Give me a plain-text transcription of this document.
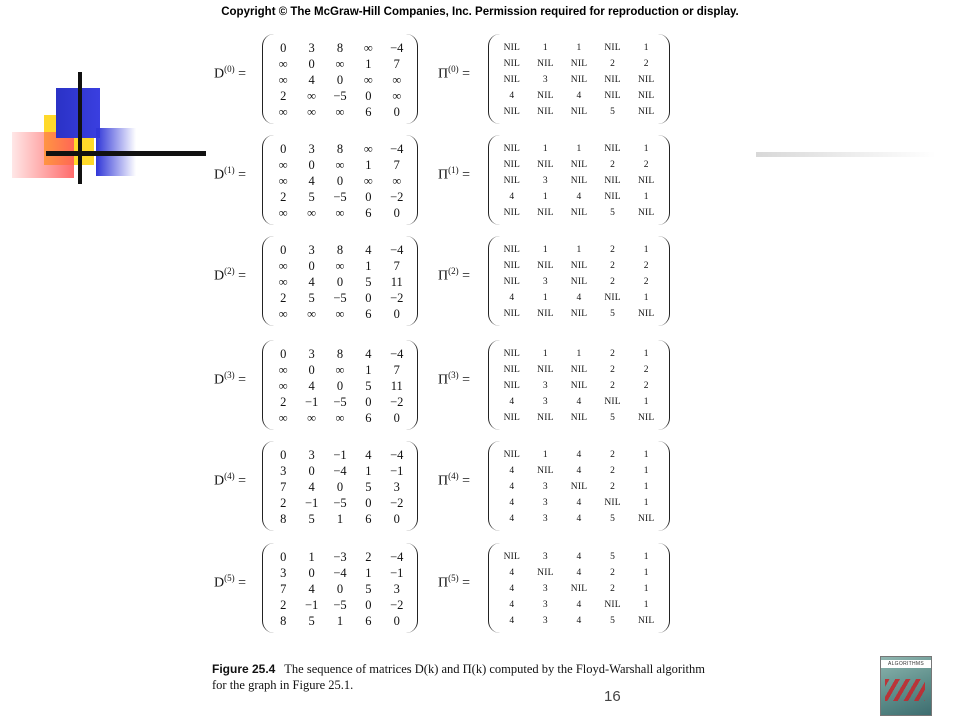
Copyright © The McGraw-Hill Companies, Inc. Permission required for reproduction or display.
$D^{(0)}$ =
0	3	8	∞	−4
∞	0	∞	1	7
∞	4	0	∞	∞
2	∞	−5	0	∞
∞	∞	∞	6	0
$\Pi^{(0)}$ =
NIL	1	1	NIL	1
NIL	NIL	NIL	2	2
NIL	3	NIL	NIL	NIL
4	NIL	4	NIL	NIL
NIL	NIL	NIL	5	NIL
$D^{(1)}$ =
0	3	8	∞	−4
∞	0	∞	1	7
∞	4	0	∞	∞
2	5	−5	0	−2
∞	∞	∞	6	0
$\Pi^{(1)}$ =
NIL	1	1	NIL	1
NIL	NIL	NIL	2	2
NIL	3	NIL	NIL	NIL
4	1	4	NIL	1
NIL	NIL	NIL	5	NIL
$D^{(2)}$ =
0	3	8	4	−4
∞	0	∞	1	7
∞	4	0	5	11
2	5	−5	0	−2
∞	∞	∞	6	0
$\Pi^{(2)}$ =
NIL	1	1	2	1
NIL	NIL	NIL	2	2
NIL	3	NIL	2	2
4	1	4	NIL	1
NIL	NIL	NIL	5	NIL
$D^{(3)}$ =
0	3	8	4	−4
∞	0	∞	1	7
∞	4	0	5	11
2	−1	−5	0	−2
∞	∞	∞	6	0
$\Pi^{(3)}$ =
NIL	1	1	2	1
NIL	NIL	NIL	2	2
NIL	3	NIL	2	2
4	3	4	NIL	1
NIL	NIL	NIL	5	NIL
$D^{(4)}$ =
0	3	−1	4	−4
3	0	−4	1	−1
7	4	0	5	3
2	−1	−5	0	−2
8	5	1	6	0
$\Pi^{(4)}$ =
NIL	1	4	2	1
4	NIL	4	2	1
4	3	NIL	2	1
4	3	4	NIL	1
4	3	4	5	NIL
$D^{(5)}$ =
0	1	−3	2	−4
3	0	−4	1	−1
7	4	0	5	3
2	−1	−5	0	−2
8	5	1	6	0
$\Pi^{(5)}$ =
NIL	3	4	5	1
4	NIL	4	2	1
4	3	NIL	2	1
4	3	4	NIL	1
4	3	4	5	NIL
Figure 25.4 The sequence of matrices D(k) and Π(k) computed by the Floyd-Warshall algorithm
for the graph in Figure 25.1.
16
ALGORITHMS
